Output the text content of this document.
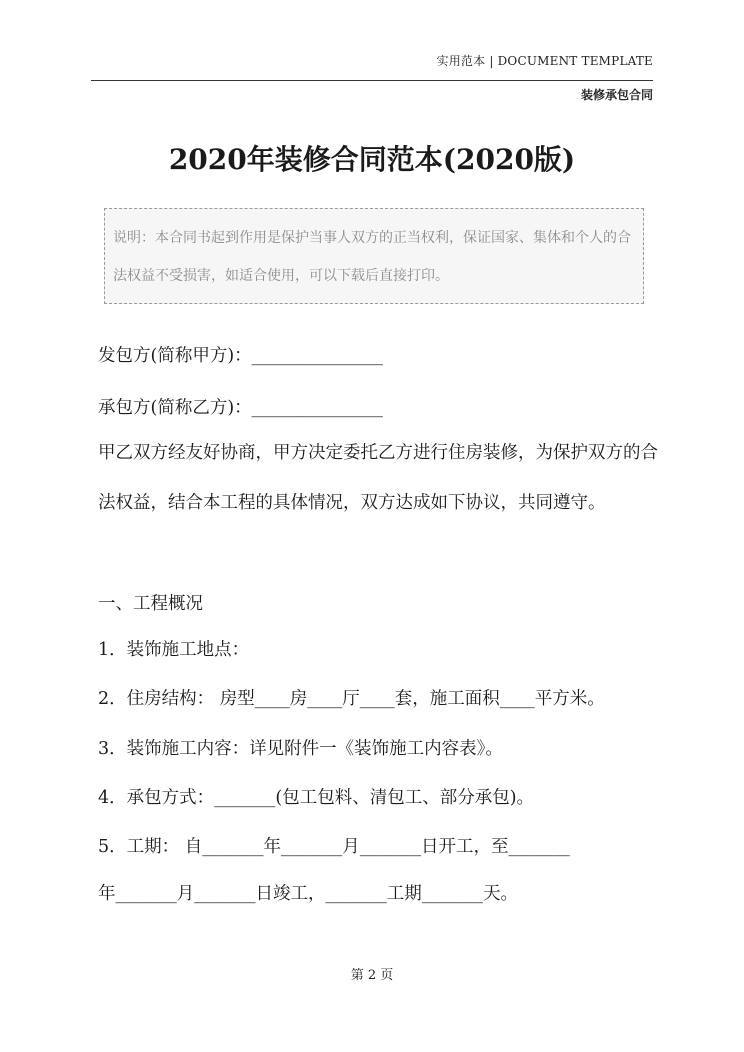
实用范本 | DOCUMENT TEMPLATE
装修承包合同
2020年装修合同范本(2020版)
说明：本合同书起到作用是保护当事人双方的正当权利，保证国家、集体和个人的合法权益不受损害，如适合使用，可以下载后直接打印。
发包方(简称甲方)：_______________
承包方(简称乙方)：_______________
甲乙双方经友好协商，甲方决定委托乙方进行住房装修，为保护双方的合法权益，结合本工程的具体情况，双方达成如下协议，共同遵守。
一、工程概况
1．装饰施工地点：
2．住房结构： 房型____房____厅____套，施工面积____平方米。
3．装饰施工内容：详见附件一《装饰施工内容表》。
4．承包方式：_______(包工包料、清包工、部分承包)。
5．工期： 自_______年_______月_______日开工，至_______
年_______月_______日竣工，_______工期_______天。
第 2 页
